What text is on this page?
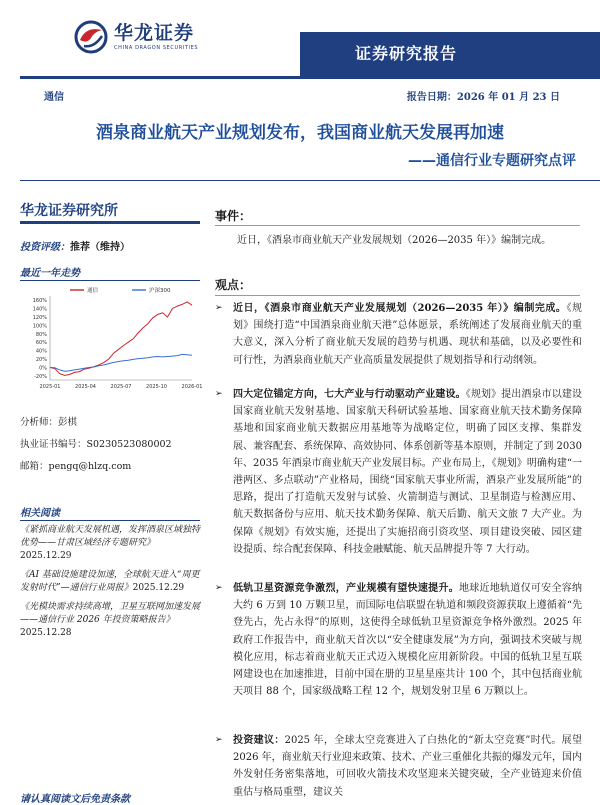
华龙证券
CHINA DRAGON SECURITIES	证券研究报告
通信	报告日期：2026 年 01 月 23 日
酒泉商业航天产业规划发布，我国商业航天发展再加速
——通信行业专题研究点评
华龙证券研究所
投资评级：推荐（维持）
最近一年走势
-20%
0%
20%
40%
60%
80%
100%
120%
140%
160%
2025-01	2025-04	2025-07	2025-10	2026-01
通信	沪深300
分析师：彭棋
执业证书编号：S0230523080002
邮箱：pengq@hlzq.com
相关阅读
《紧抓商业航天发展机遇，发挥酒泉区域独特优势——甘肃区域经济专题研究》2025.12.29
《AI 基础设施建设加速，全球航天进入“周更发射时代”—通信行业周报》2025.12.29
《光模块需求持续高增，卫星互联网加速发展——通信行业 2026 年投资策略报告》2025.12.28
请认真阅读文后免责条款
事件：
近日，《酒泉市商业航天产业发展规划（2026—2035 年）》编制完成。
观点：
➢	近日，《酒泉市商业航天产业发展规划（2026—2035 年）》编制完成。《规划》围绕打造“中国酒泉商业航天港”总体愿景，系统阐述了发展商业航天的重大意义，深入分析了商业航天发展的趋势与机遇、现状和基础，以及必要性和可行性，为酒泉商业航天产业高质量发展提供了规划指导和行动纲领。
➢	四大定位锚定方向，七大产业与行动驱动产业建设。《规划》提出酒泉市以建设国家商业航天发射基地、国家航天科研试验基地、国家商业航天技术勤务保障基地和国家商业航天数据应用基地等为战略定位，明确了园区支撑、集群发展、兼容配套、系统保障、高效协同、体系创新等基本原则，并制定了到 2030 年、2035 年酒泉市商业航天产业发展目标。产业布局上，《规划》明确构建“一港两区、多点联动”产业格局，围绕“国家航天事业所需，酒泉产业发展所能”的思路，提出了打造航天发射与试验、火箭制造与测试、卫星制造与检测应用、航天数据备份与应用、航天技术勤务保障、航天后勤、航天文旅 7 大产业。为保障《规划》有效实施，还提出了实施招商引资攻坚、项目建设突破、园区建设提质、综合配套保障、科技金融赋能、航天品牌提升等 7 大行动。
➢	低轨卫星资源竞争激烈，产业规模有望快速提升。地球近地轨道仅可安全容纳大约 6 万到 10 万颗卫星，而国际电信联盟在轨道和频段资源获取上遵循着“先登先占，先占永得”的原则，这使得全球低轨卫星资源竞争格外激烈。2025 年政府工作报告中，商业航天首次以“安全健康发展”为方向，强调技术突破与规模化应用，标志着商业航天正式迈入规模化应用新阶段。中国的低轨卫星互联网建设也在加速推进，目前中国在册的卫星星座共计 100 个，其中包括商业航天项目 88 个，国家级战略工程 12 个，规划发射卫星 6 万颗以上。
➢	投资建议：2025 年，全球太空竞赛进入了白热化的“新太空竞赛”时代。展望 2026 年，商业航天行业迎来政策、技术、产业三重催化共振的爆发元年，国内外发射任务密集落地，可回收火箭技术攻坚迎来关键突破，全产业链迎来价值重估与格局重塑，建议关
